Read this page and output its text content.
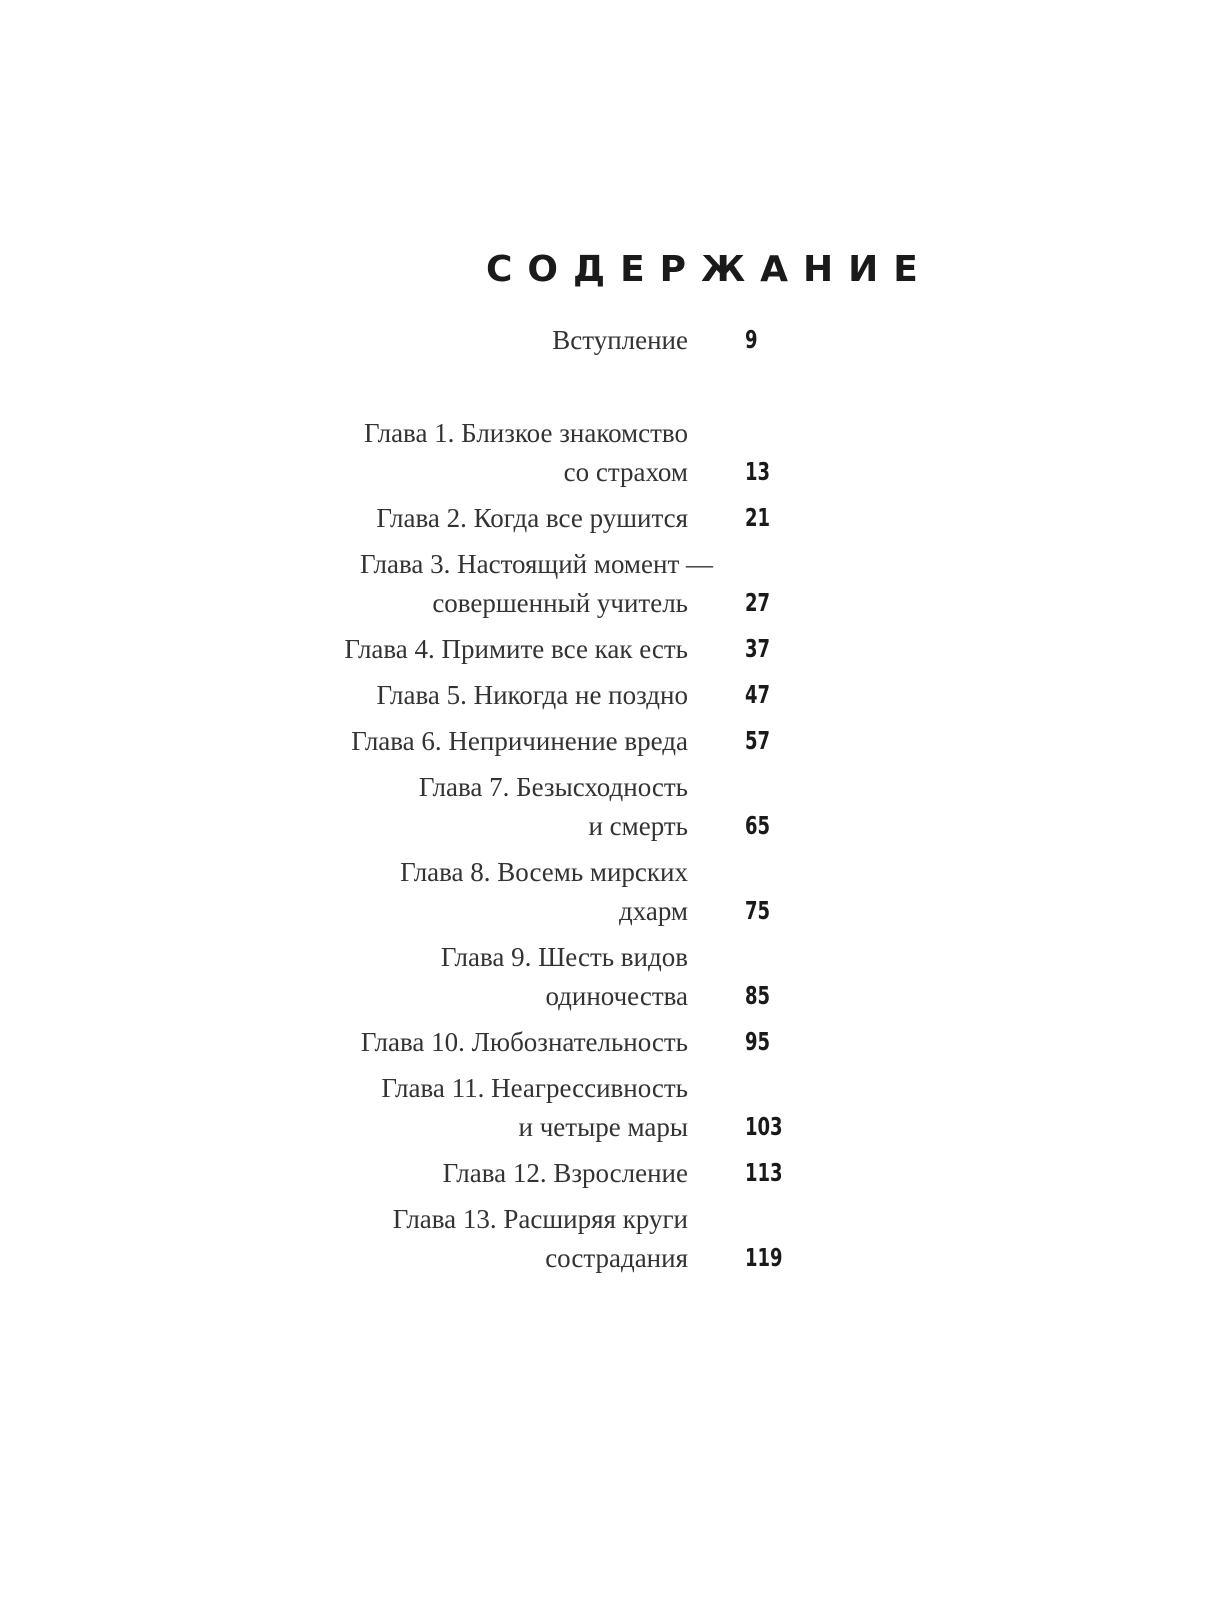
СОДЕРЖАНИЕ
Вступление 9
Глава 1. Близкое знакомство
со страхом 13
Глава 2. Когда все рушится 21
Глава 3. Настоящий момент —
совершенный учитель 27
Глава 4. Примите все как есть 37
Глава 5. Никогда не поздно 47
Глава 6. Непричинение вреда 57
Глава 7. Безысходность
и смерть 65
Глава 8. Восемь мирских
дхарм 75
Глава 9. Шесть видов
одиночества 85
Глава 10. Любознательность 95
Глава 11. Неагрессивность
и четыре мары 103
Глава 12. Взросление 113
Глава 13. Расширяя круги
сострадания 119
